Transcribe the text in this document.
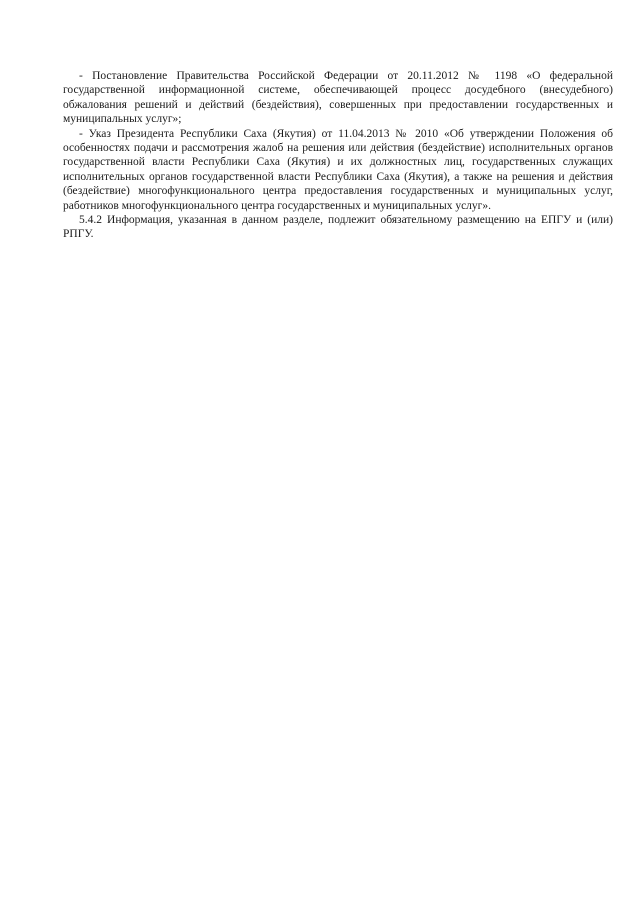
- Постановление Правительства Российской Федерации от 20.11.2012 № 1198 «О федеральной государственной информационной системе, обеспечивающей процесс досудебного (внесудебного) обжалования решений и действий (бездействия), совершенных при предоставлении государственных и муниципальных услуг»;

- Указ Президента Республики Саха (Якутия) от 11.04.2013 № 2010 «Об утверждении Положения об особенностях подачи и рассмотрения жалоб на решения или действия (бездействие) исполнительных органов государственной власти Республики Саха (Якутия) и их должностных лиц, государственных служащих исполнительных органов государственной власти Республики Саха (Якутия), а также на решения и действия (бездействие) многофункционального центра предоставления государственных и муниципальных услуг, работников многофункционального центра государственных и муниципальных услуг».

5.4.2 Информация, указанная в данном разделе, подлежит обязательному размещению на ЕПГУ и (или) РПГУ.
